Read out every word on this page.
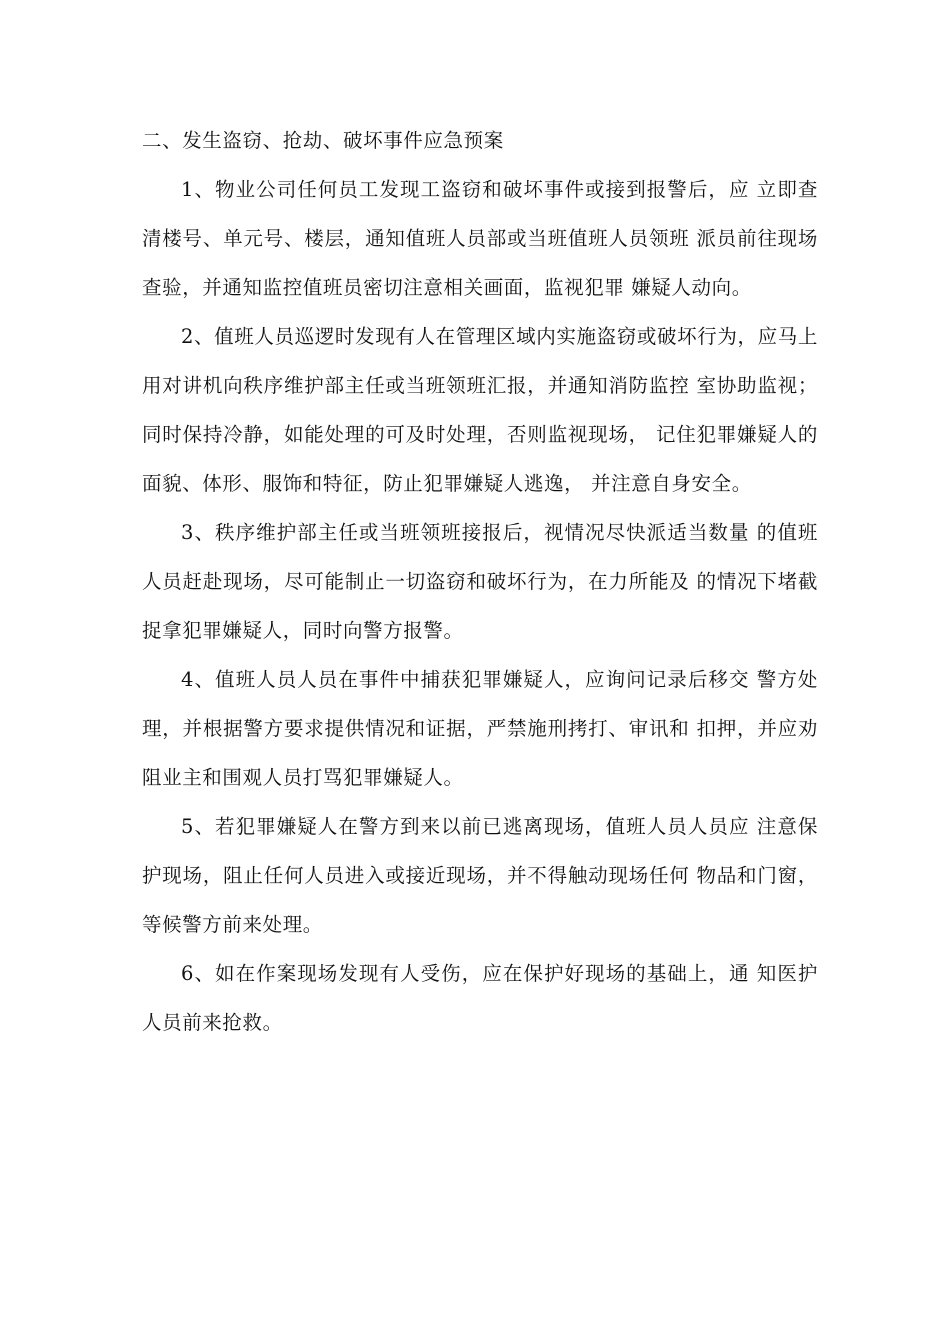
二、发生盗窃、抢劫、破坏事件应急预案

1、物业公司任何员工发现工盗窃和破坏事件或接到报警后，应 立即查清楼号、单元号、楼层，通知值班人员部或当班值班人员领班 派员前往现场查验，并通知监控值班员密切注意相关画面，监视犯罪 嫌疑人动向。

2、值班人员巡逻时发现有人在管理区域内实施盗窃或破坏行为，应马上用对讲机向秩序维护部主任或当班领班汇报，并通知消防监控 室协助监视；同时保持冷静，如能处理的可及时处理，否则监视现场， 记住犯罪嫌疑人的面貌、体形、服饰和特征，防止犯罪嫌疑人逃逸， 并注意自身安全。

3、秩序维护部主任或当班领班接报后，视情况尽快派适当数量 的值班人员赶赴现场，尽可能制止一切盗窃和破坏行为，在力所能及 的情况下堵截捉拿犯罪嫌疑人，同时向警方报警。

4、值班人员人员在事件中捕获犯罪嫌疑人，应询问记录后移交 警方处理，并根据警方要求提供情况和证据，严禁施刑拷打、审讯和 扣押，并应劝阻业主和围观人员打骂犯罪嫌疑人。

5、若犯罪嫌疑人在警方到来以前已逃离现场，值班人员人员应 注意保护现场，阻止任何人员进入或接近现场，并不得触动现场任何 物品和门窗，等候警方前来处理。

6、如在作案现场发现有人受伤，应在保护好现场的基础上，通 知医护人员前来抢救。
